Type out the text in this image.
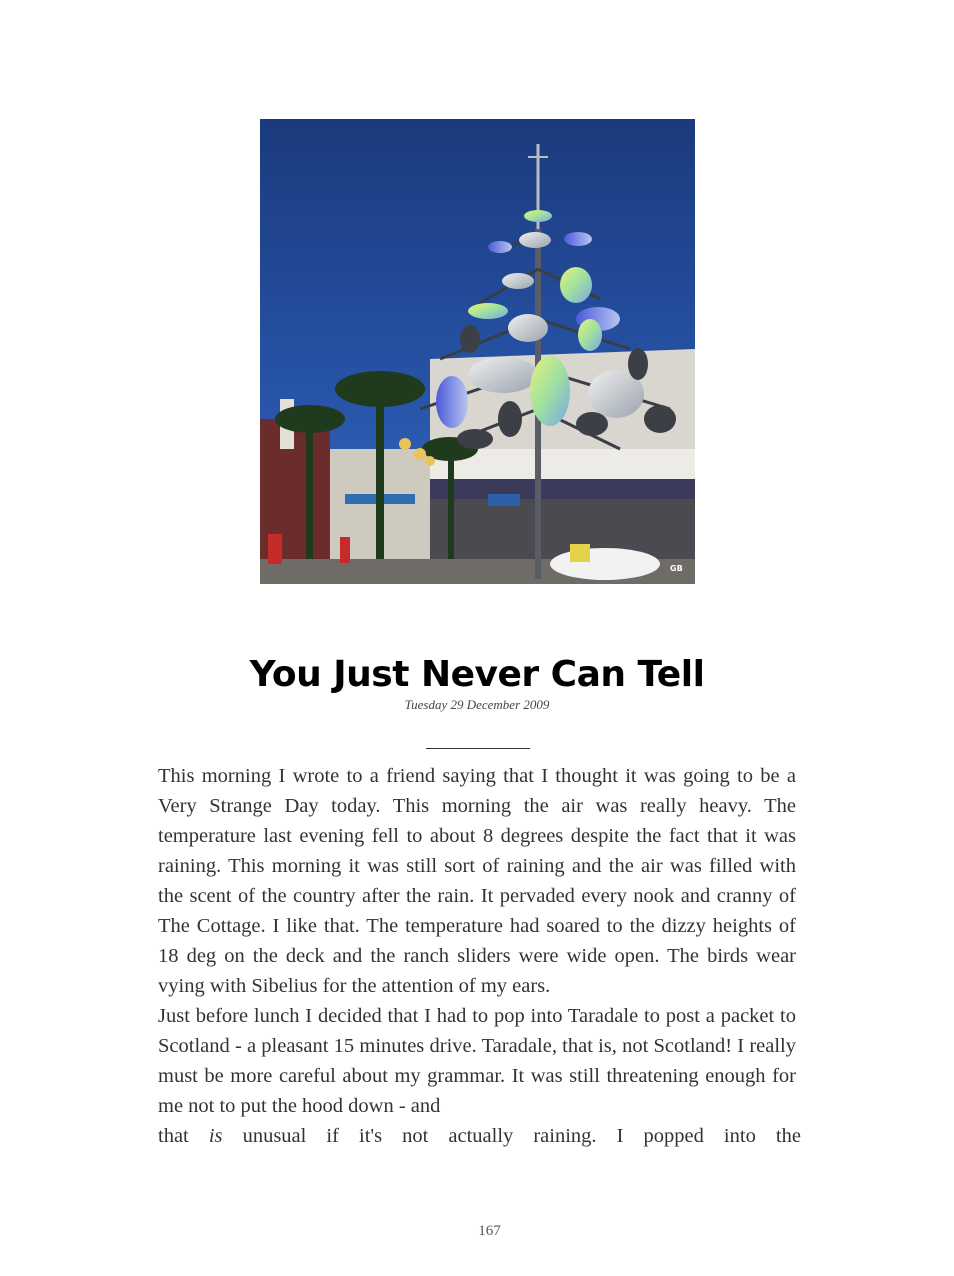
GB
You Just Never Can Tell
Tuesday 29 December 2009

This morning I wrote to a friend saying that I thought it was going to be a Very Strange Day today. This morning the air was really heavy. The temperature last evening fell to about 8 degrees despite the fact that it was raining. This morning it was still sort of raining and the air was filled with the scent of the country after the rain. It pervaded every nook and cranny of The Cottage. I like that. The temperature had soared to the dizzy heights of 18 deg on the deck and the ranch sliders were wide open. The birds wear vying with Sibelius for the attention of my ears.

Just before lunch I decided that I had to pop into Taradale to post a packet to Scotland - a pleasant 15 minutes drive. Taradale, that is, not Scotland! I really must be more careful about my grammar. It was still threatening enough for me not to put the hood down - and

that is unusual if it's not actually raining. I popped into the
167
